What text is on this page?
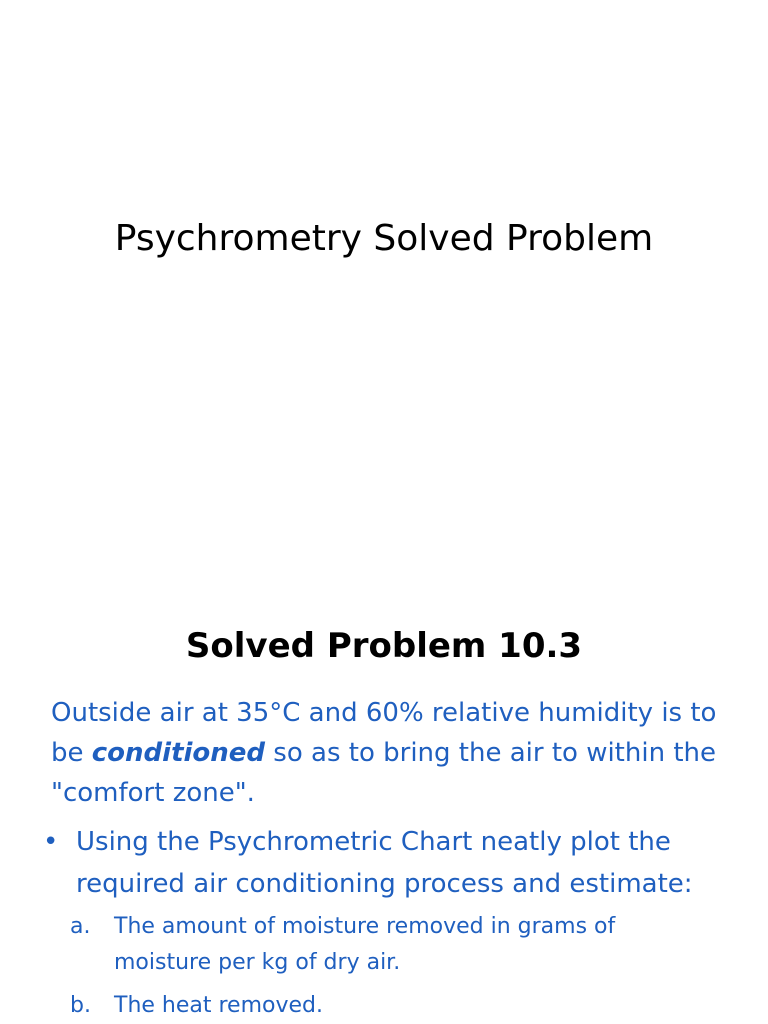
Psychrometry Solved Problem
Solved Problem 10.3
Outside air at 35°C and 60% relative humidity is to be conditioned so as to bring the air to within the "comfort zone".
• Using the Psychrometric Chart neatly plot the required air conditioning process and estimate:
a. The amount of moisture removed in grams of moisture per kg of dry air.
b. The heat removed.
